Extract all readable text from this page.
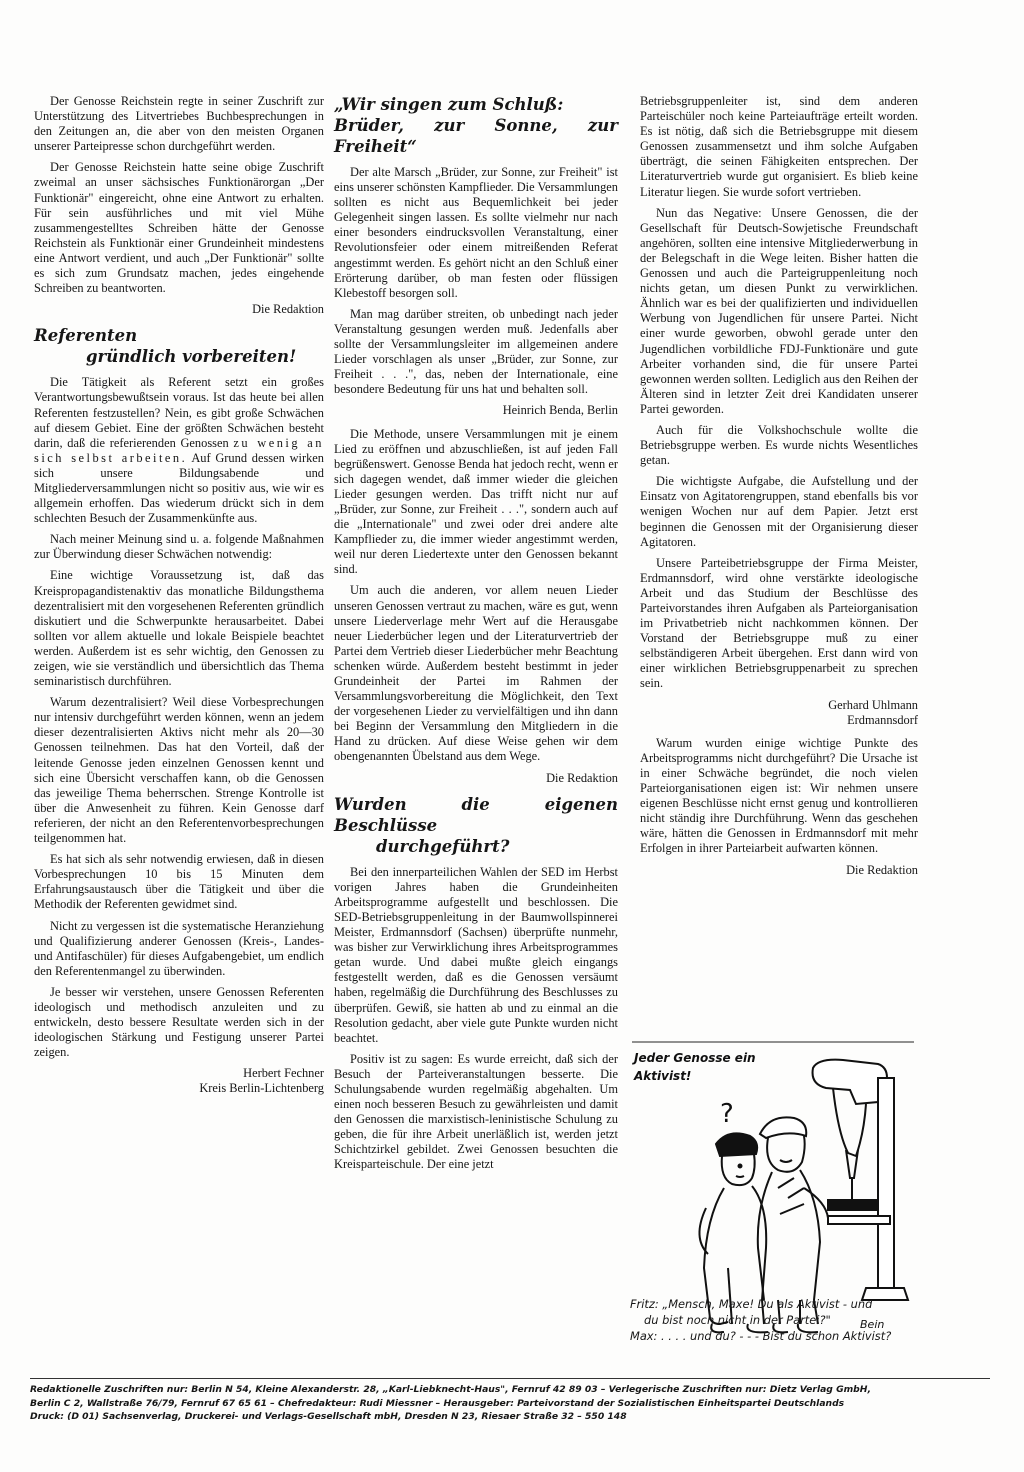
Der Genosse Reichstein regte in seiner Zuschrift zur Unterstützung des Litvertriebes Buchbesprechungen in den Zeitungen an, die aber von den meisten Organen unserer Parteipresse schon durchgeführt werden.

Der Genosse Reichstein hatte seine obige Zuschrift zweimal an unser sächsisches Funktionärorgan „Der Funktionär" eingereicht, ohne eine Antwort zu erhalten. Für sein ausführliches und mit viel Mühe zusammengestelltes Schreiben hätte der Genosse Reichstein als Funktionär einer Grundeinheit mindestens eine Antwort verdient, und auch „Der Funktionär" sollte es sich zum Grundsatz machen, jedes eingehende Schreiben zu beantworten.

Die Redaktion
Referenten
gründlich vorbereiten!

Die Tätigkeit als Referent setzt ein großes Verantwortungsbewußtsein voraus. Ist das heute bei allen Referenten festzustellen? Nein, es gibt große Schwächen auf diesem Gebiet. Eine der größten Schwächen besteht darin, daß die referierenden Genossen zu wenig an sich selbst arbeiten. Auf Grund dessen wirken sich unsere Bildungsabende und Mitgliederversammlungen nicht so positiv aus, wie wir es allgemein erhoffen. Das wiederum drückt sich in dem schlechten Besuch der Zusammenkünfte aus.

Nach meiner Meinung sind u. a. folgende Maßnahmen zur Überwindung dieser Schwächen notwendig:

Eine wichtige Voraussetzung ist, daß das Kreispropagandistenaktiv das monatliche Bildungsthema dezentralisiert mit den vorgesehenen Referenten gründlich diskutiert und die Schwerpunkte herausarbeitet. Dabei sollten vor allem aktuelle und lokale Beispiele beachtet werden. Außerdem ist es sehr wichtig, den Genossen zu zeigen, wie sie verständlich und übersichtlich das Thema seminaristisch durchführen.

Warum dezentralisiert? Weil diese Vorbesprechungen nur intensiv durchgeführt werden können, wenn an jedem dieser dezentralisierten Aktivs nicht mehr als 20—30 Genossen teilnehmen. Das hat den Vorteil, daß der leitende Genosse jeden einzelnen Genossen kennt und sich eine Übersicht verschaffen kann, ob die Genossen das jeweilige Thema beherrschen. Strenge Kontrolle ist über die Anwesenheit zu führen. Kein Genosse darf referieren, der nicht an den Referentenvorbesprechungen teilgenommen hat.

Es hat sich als sehr notwendig erwiesen, daß in diesen Vorbesprechungen 10 bis 15 Minuten dem Erfahrungsaustausch über die Tätigkeit und über die Methodik der Referenten gewidmet sind.

Nicht zu vergessen ist die systematische Heranziehung und Qualifizierung anderer Genossen (Kreis-, Landes- und Antifaschüler) für dieses Aufgabengebiet, um endlich den Referentenmangel zu überwinden.

Je besser wir verstehen, unsere Genossen Referenten ideologisch und methodisch anzuleiten und zu entwickeln, desto bessere Resultate werden sich in der ideologischen Stärkung und Festigung unserer Partei zeigen.

Herbert Fechner
Kreis Berlin-Lichtenberg
„Wir singen zum Schluß:
Brüder, zur Sonne, zur Freiheit“

Der alte Marsch „Brüder, zur Sonne, zur Freiheit" ist eins unserer schönsten Kampflieder. Die Versammlungen sollten es nicht aus Bequemlichkeit bei jeder Gelegenheit singen lassen. Es sollte vielmehr nur nach einer besonders eindrucksvollen Veranstaltung, einer Revolutionsfeier oder einem mitreißenden Referat angestimmt werden. Es gehört nicht an den Schluß einer Erörterung darüber, ob man festen oder flüssigen Klebestoff besorgen soll.

Man mag darüber streiten, ob unbedingt nach jeder Veranstaltung gesungen werden muß. Jedenfalls aber sollte der Versammlungsleiter im allgemeinen andere Lieder vorschlagen als unser „Brüder, zur Sonne, zur Freiheit . . .", das, neben der Internationale, eine besondere Bedeutung für uns hat und behalten soll.

Heinrich Benda, Berlin

Die Methode, unsere Versammlungen mit je einem Lied zu eröffnen und abzuschließen, ist auf jeden Fall begrüßenswert. Genosse Benda hat jedoch recht, wenn er sich dagegen wendet, daß immer wieder die gleichen Lieder gesungen werden. Das trifft nicht nur auf „Brüder, zur Sonne, zur Freiheit . . .", sondern auch auf die „Internationale" und zwei oder drei andere alte Kampflieder zu, die immer wieder angestimmt werden, weil nur deren Liedertexte unter den Genossen bekannt sind.

Um auch die anderen, vor allem neuen Lieder unseren Genossen vertraut zu machen, wäre es gut, wenn unsere Liederverlage mehr Wert auf die Herausgabe neuer Liederbücher legen und der Literaturvertrieb der Partei dem Vertrieb dieser Liederbücher mehr Beachtung schenken würde. Außerdem besteht bestimmt in jeder Grundeinheit der Partei im Rahmen der Versammlungsvorbereitung die Möglichkeit, den Text der vorgesehenen Lieder zu vervielfältigen und ihn dann bei Beginn der Versammlung den Mitgliedern in die Hand zu drücken. Auf diese Weise gehen wir dem obengenannten Übelstand aus dem Wege.

Die Redaktion
Wurden die eigenen Beschlüsse
durchgeführt?

Bei den innerparteilichen Wahlen der SED im Herbst vorigen Jahres haben die Grundeinheiten Arbeitsprogramme aufgestellt und beschlossen. Die SED-Betriebsgruppenleitung in der Baumwollspinnerei Meister, Erdmannsdorf (Sachsen) überprüfte nunmehr, was bisher zur Verwirklichung ihres Arbeitsprogrammes getan wurde. Und dabei mußte gleich eingangs festgestellt werden, daß es die Genossen versäumt haben, regelmäßig die Durchführung des Beschlusses zu überprüfen. Gewiß, sie hatten ab und zu einmal an die Resolution gedacht, aber viele gute Punkte wurden nicht beachtet.

Positiv ist zu sagen: Es wurde erreicht, daß sich der Besuch der Parteiveranstaltungen besserte. Die Schulungsabende wurden regelmäßig abgehalten. Um einen noch besseren Besuch zu gewährleisten und damit den Genossen die marxistisch-leninistische Schulung zu geben, die für ihre Arbeit unerläßlich ist, werden jetzt Schichtzirkel gebildet. Zwei Genossen besuchten die Kreisparteischule. Der eine jetzt

Betriebsgruppenleiter ist, sind dem anderen Parteischüler noch keine Parteiaufträge erteilt worden. Es ist nötig, daß sich die Betriebsgruppe mit diesem Genossen zusammensetzt und ihm solche Aufgaben überträgt, die seinen Fähigkeiten entsprechen. Der Literaturvertrieb wurde gut organisiert. Es blieb keine Literatur liegen. Sie wurde sofort vertrieben.

Nun das Negative: Unsere Genossen, die der Gesellschaft für Deutsch-Sowjetische Freundschaft angehören, sollten eine intensive Mitgliederwerbung in der Belegschaft in die Wege leiten. Bisher hatten die Genossen und auch die Parteigruppenleitung noch nichts getan, um diesen Punkt zu verwirklichen. Ähnlich war es bei der qualifizierten und individuellen Werbung von Jugendlichen für unsere Partei. Nicht einer wurde geworben, obwohl gerade unter den Jugendlichen vorbildliche FDJ-Funktionäre und gute Arbeiter vorhanden sind, die für unsere Partei gewonnen werden sollten. Lediglich aus den Reihen der Älteren sind in letzter Zeit drei Kandidaten unserer Partei geworden.

Auch für die Volkshochschule wollte die Betriebsgruppe werben. Es wurde nichts Wesentliches getan.

Die wichtigste Aufgabe, die Aufstellung und der Einsatz von Agitatorengruppen, stand ebenfalls bis vor wenigen Wochen nur auf dem Papier. Jetzt erst beginnen die Genossen mit der Organisierung dieser Agitatoren.

Unsere Parteibetriebsgruppe der Firma Meister, Erdmannsdorf, wird ohne verstärkte ideologische Arbeit und das Studium der Beschlüsse des Parteivorstandes ihren Aufgaben als Parteiorganisation im Privatbetrieb nicht nachkommen können. Der Vorstand der Betriebsgruppe muß zu einer selbständigeren Arbeit übergehen. Erst dann wird von einer wirklichen Betriebsgruppenarbeit zu sprechen sein.

Gerhard Uhlmann
Erdmannsdorf

Warum wurden einige wichtige Punkte des Arbeitsprogramms nicht durchgeführt? Die Ursache ist in einer Schwäche begründet, die noch vielen Parteiorganisationen eigen ist: Wir nehmen unsere eigenen Beschlüsse nicht ernst genug und kontrollieren nicht ständig ihre Durchführung. Wenn das geschehen wäre, hätten die Genossen in Erdmannsdorf mit mehr Erfolgen in ihrer Parteiarbeit aufwarten können.

Die Redaktion
Jeder Genosse ein
Aktivist!
?
Bein
Fritz: „Mensch, Maxe! Du als Aktivist - und
du bist noch nicht in der Partei?"
Max: . . . . und du? - - - Bist du schon Aktivist?
Redaktionelle Zuschriften nur: Berlin N 54, Kleine Alexanderstr. 28, „Karl-Liebknecht-Haus", Fernruf 42 89 03 – Verlegerische Zuschriften nur: Dietz Verlag GmbH,
Berlin C 2, Wallstraße 76/79, Fernruf 67 65 61 – Chefredakteur: Rudi Miessner – Herausgeber: Parteivorstand der Sozialistischen Einheitspartei Deutschlands
Druck: (D 01) Sachsenverlag, Druckerei- und Verlags-Gesellschaft mbH, Dresden N 23, Riesaer Straße 32 – 550 148
